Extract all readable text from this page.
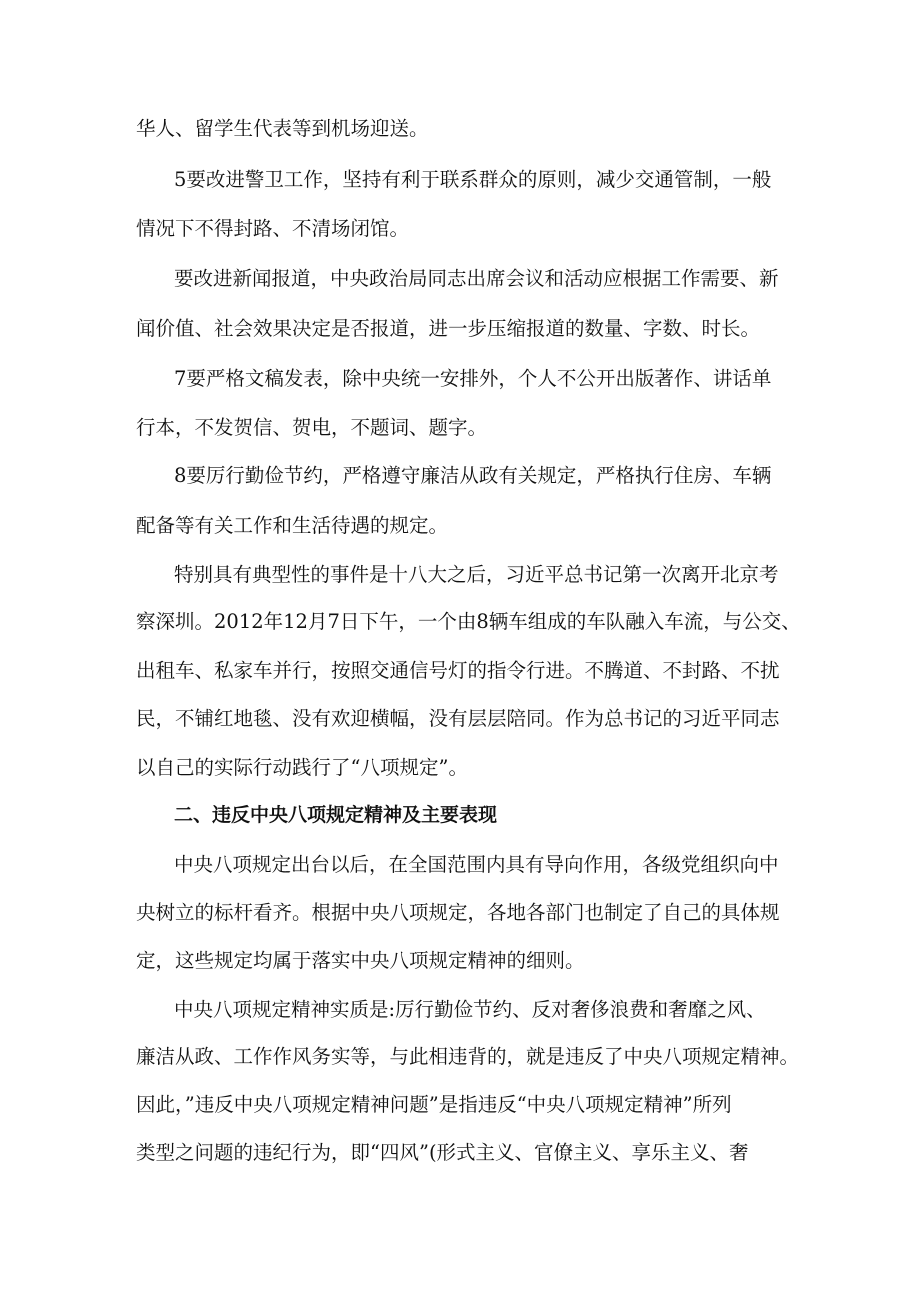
华人、留学生代表等到机场迎送。
5要改进警卫工作，坚持有利于联系群众的原则，减少交通管制，一般
情况下不得封路、不清场闭馆。
要改进新闻报道，中央政治局同志出席会议和活动应根据工作需要、新
闻价值、社会效果决定是否报道，进一步压缩报道的数量、字数、时长。
7要严格文稿发表，除中央统一安排外，个人不公开出版著作、讲话单
行本，不发贺信、贺电，不题词、题字。
8要厉行勤俭节约，严格遵守廉洁从政有关规定，严格执行住房、车辆
配备等有关工作和生活待遇的规定。
特别具有典型性的事件是十八大之后，习近平总书记第一次离开北京考
察深圳。2012年12月7日下午，一个由8辆车组成的车队融入车流，与公交、
出租车、私家车并行，按照交通信号灯的指令行进。不腾道、不封路、不扰
民，不铺红地毯、没有欢迎横幅，没有层层陪同。作为总书记的习近平同志
以自己的实际行动践行了“八项规定”。
二、违反中央八项规定精神及主要表现
中央八项规定出台以后，在全国范围内具有导向作用，各级党组织向中
央树立的标杆看齐。根据中央八项规定，各地各部门也制定了自己的具体规
定，这些规定均属于落实中央八项规定精神的细则。
中央八项规定精神实质是:厉行勤俭节约、反对奢侈浪费和奢靡之风、
廉洁从政、工作作风务实等，与此相违背的，就是违反了中央八项规定精神。
因此，”违反中央八项规定精神问题”是指违反“中央八项规定精神”所列
类型之问题的违纪行为，即“四风”(形式主义、官僚主义、享乐主义、奢
